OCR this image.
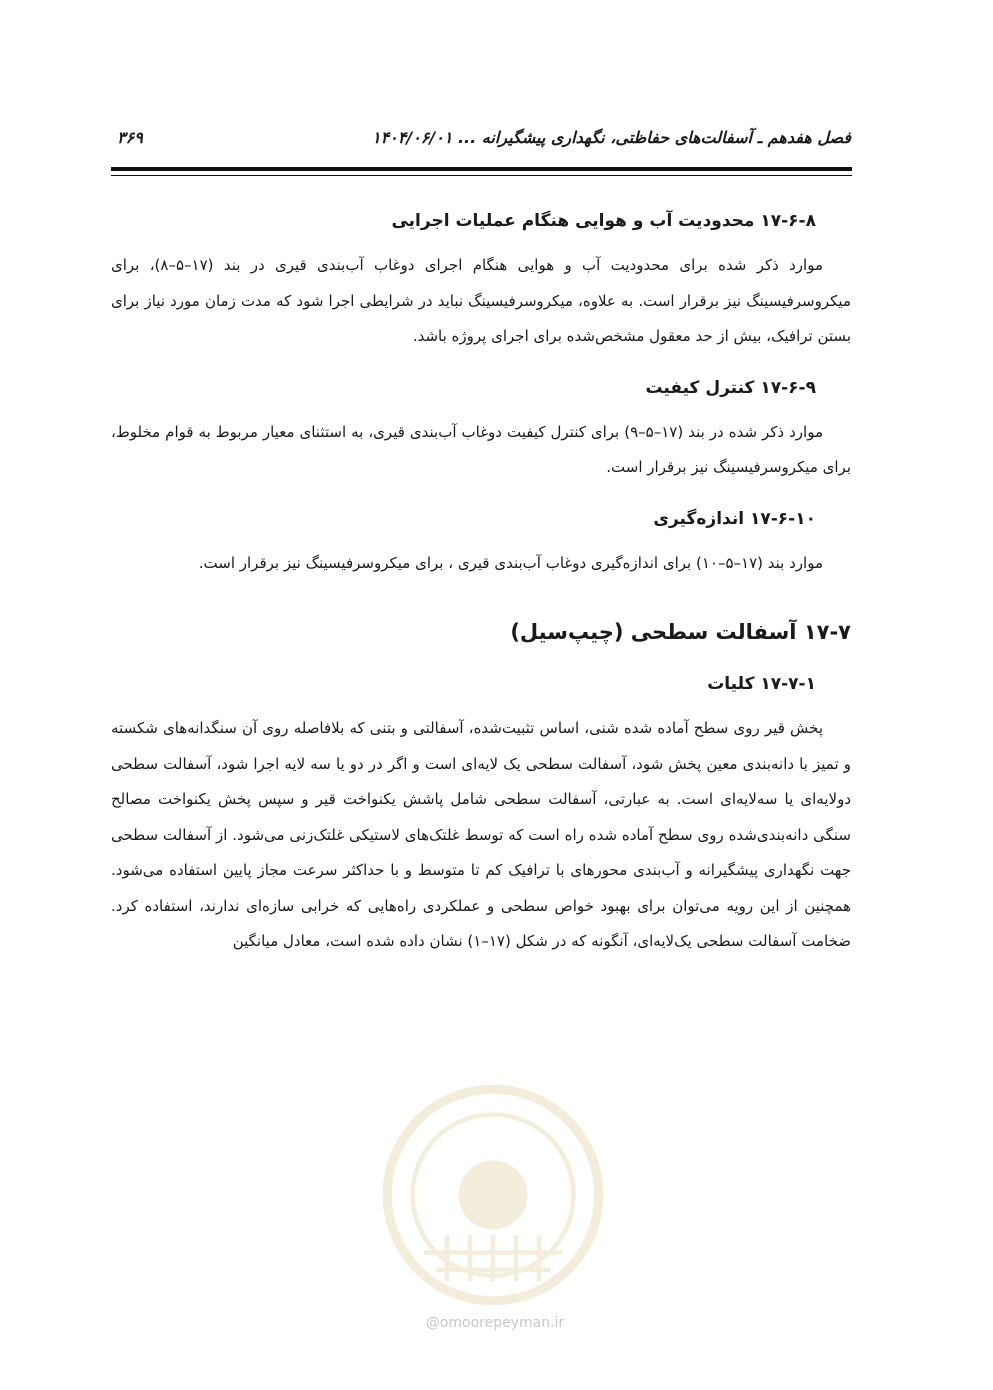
فصل هفدهم ـ آسفالت‌های حفاظتی، نگهداری پیشگیرانه ... ۱۴۰۴/۰۶/۰۱
۳۶۹
۱۷-۶-۸ محدودیت آب و هوایی هنگام عملیات اجرایی

موارد ذکر شده برای محدودیت آب و هوایی هنگام اجرای دوغاب آب‌بندی قیری در بند (۱۷–۵–۸)، برای میکروسرفیسینگ نیز برقرار است. به علاوه، میکروسرفیسینگ نباید در شرایطی اجرا شود که مدت زمان مورد نیاز برای بستن ترافیک، بیش از حد معقول مشخص‌شده برای اجرای پروژه باشد.

۱۷-۶-۹ کنترل کیفیت

موارد ذکر شده در بند (۱۷–۵–۹) برای کنترل کیفیت دوغاب آب‌بندی قیری، به استثنای معیار مربوط به قوام مخلوط، برای میکروسرفیسینگ نیز برقرار است.

۱۷-۶-۱۰ اندازه‌گیری

موارد بند (۱۷–۵–۱۰) برای اندازه‌گیری دوغاب آب‌بندی قیری ، برای میکروسرفیسینگ نیز برقرار است.

۱۷-۷ آسفالت سطحی (چیپ‌سیل)
۱۷-۷-۱ کلیات

پخش قیر روی سطح آماده شده شنی، اساس تثبیت‌شده، آسفالتی و بتنی که بلافاصله روی آن سنگدانه‌های شکسته و تمیز با دانه‌بندی معین پخش شود، آسفالت سطحی یک لایه‌ای است و اگر در دو یا سه لایه اجرا شود، آسفالت سطحی دولایه‌ای یا سه‌لایه‌ای است. به عبارتی، آسفالت سطحی شامل پاشش یکنواخت قیر و سپس پخش یکنواخت مصالح سنگی دانه‌بندی‌شده روی سطح آماده شده راه است که توسط غلتک‌های لاستیکی غلتک‌زنی می‌شود. از آسفالت سطحی جهت نگهداری پیشگیرانه و آب‌بندی محورهای با ترافیک کم تا متوسط و با حداکثر سرعت مجاز پایین استفاده می‌شود. همچنین از این رویه می‌توان برای بهبود خواص سطحی و عملکردی راه‌هایی که خرابی سازه‌ای ندارند، استفاده کرد. ضخامت آسفالت سطحی یک‌لایه‌ای، آنگونه که در شکل (۱۷–۱) نشان داده شده است، معادل میانگین

@omoorepeyman.ir
